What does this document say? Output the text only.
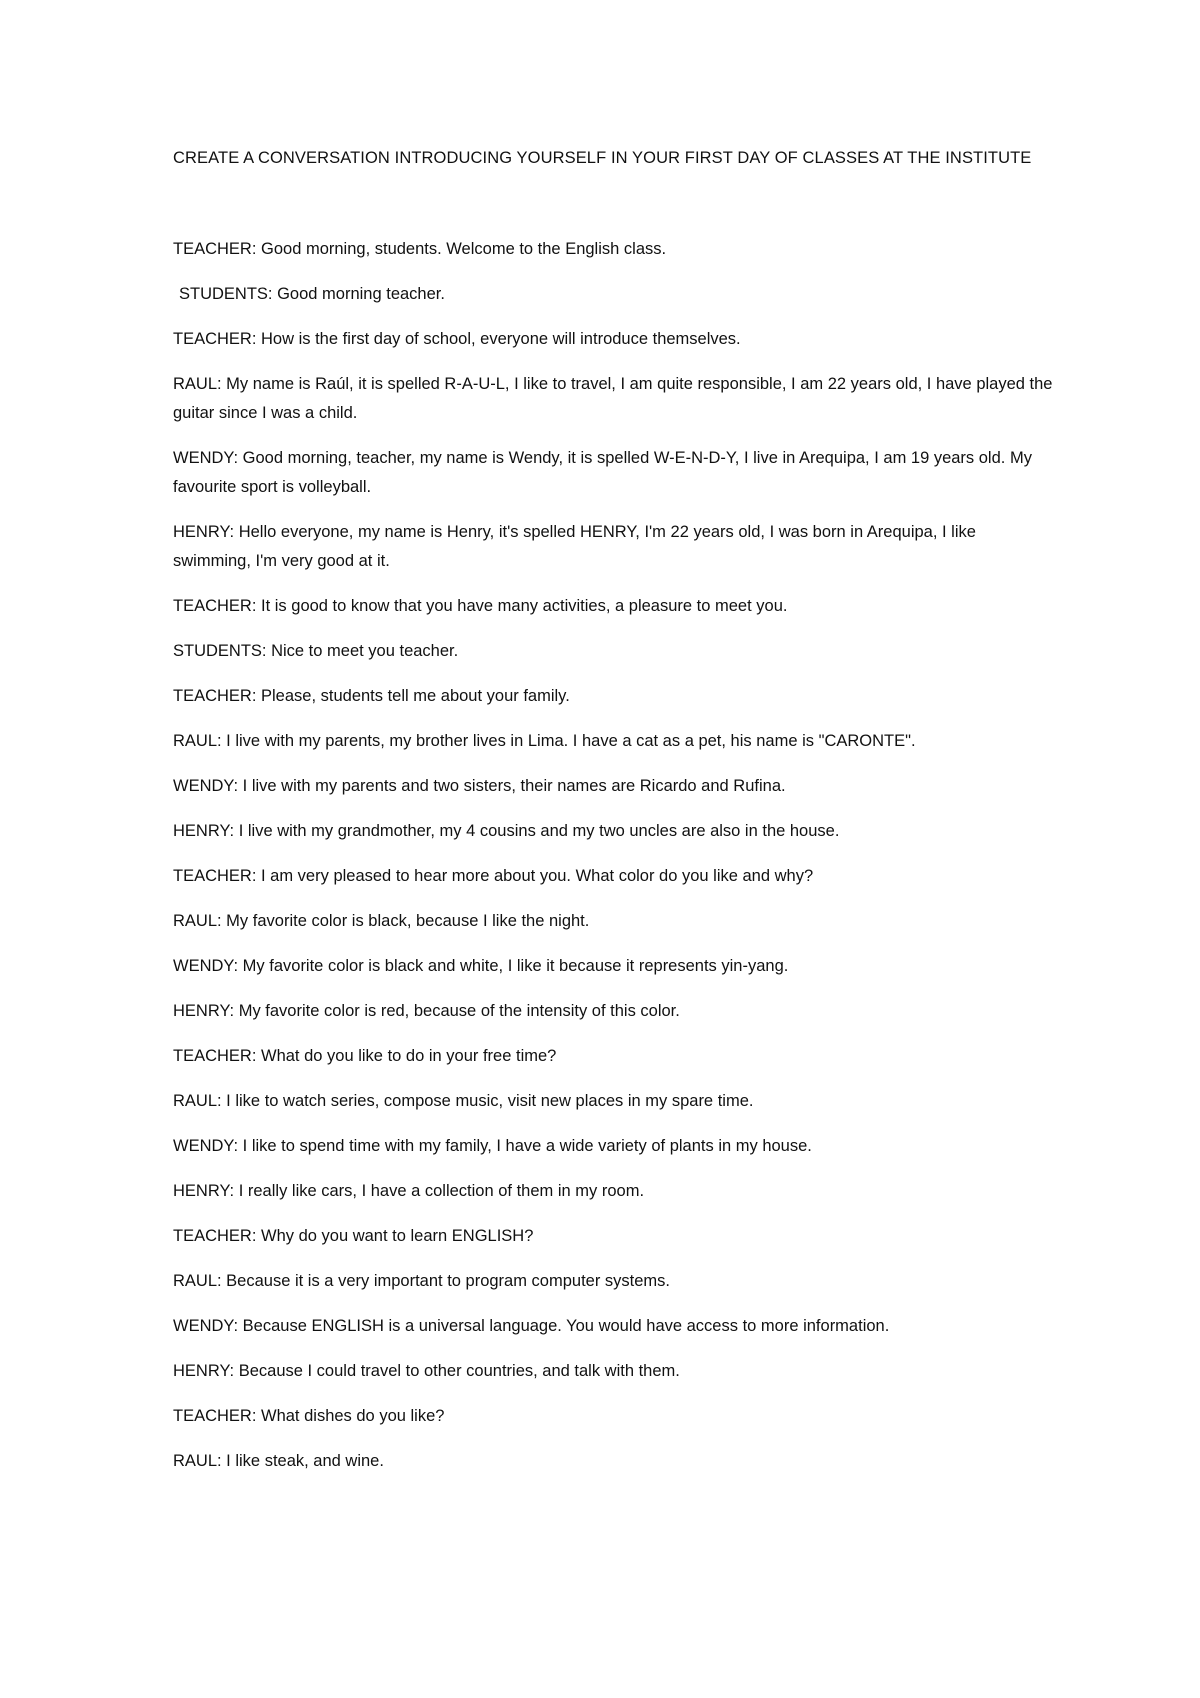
CREATE A CONVERSATION INTRODUCING YOURSELF IN YOUR FIRST DAY OF CLASSES AT THE INSTITUTE

TEACHER: Good morning, students. Welcome to the English class.

STUDENTS: Good morning teacher.

TEACHER: How is the first day of school, everyone will introduce themselves.

RAUL: My name is Raúl, it is spelled R-A-U-L, I like to travel, I am quite responsible, I am 22 years old, I have played the guitar since I was a child.

WENDY: Good morning, teacher, my name is Wendy, it is spelled W-E-N-D-Y, I live in Arequipa, I am 19 years old. My favourite sport is volleyball.

HENRY: Hello everyone, my name is Henry, it's spelled HENRY, I'm 22 years old, I was born in Arequipa, I like swimming, I'm very good at it.

TEACHER: It is good to know that you have many activities, a pleasure to meet you.

STUDENTS: Nice to meet you teacher.

TEACHER: Please, students tell me about your family.

RAUL: I live with my parents, my brother lives in Lima. I have a cat as a pet, his name is "CARONTE".

WENDY: I live with my parents and two sisters, their names are Ricardo and Rufina.

HENRY: I live with my grandmother, my 4 cousins and my two uncles are also in the house.

TEACHER: I am very pleased to hear more about you. What color do you like and why?

RAUL: My favorite color is black, because I like the night.

WENDY: My favorite color is black and white, I like it because it represents yin-yang.

HENRY: My favorite color is red, because of the intensity of this color.

TEACHER: What do you like to do in your free time?

RAUL: I like to watch series, compose music, visit new places in my spare time.

WENDY: I like to spend time with my family, I have a wide variety of plants in my house.

HENRY: I really like cars, I have a collection of them in my room.

TEACHER: Why do you want to learn ENGLISH?

RAUL: Because it is a very important to program computer systems.

WENDY: Because ENGLISH is a universal language. You would have access to more information.

HENRY: Because I could travel to other countries, and talk with them.

TEACHER: What dishes do you like?

RAUL: I like steak, and wine.
